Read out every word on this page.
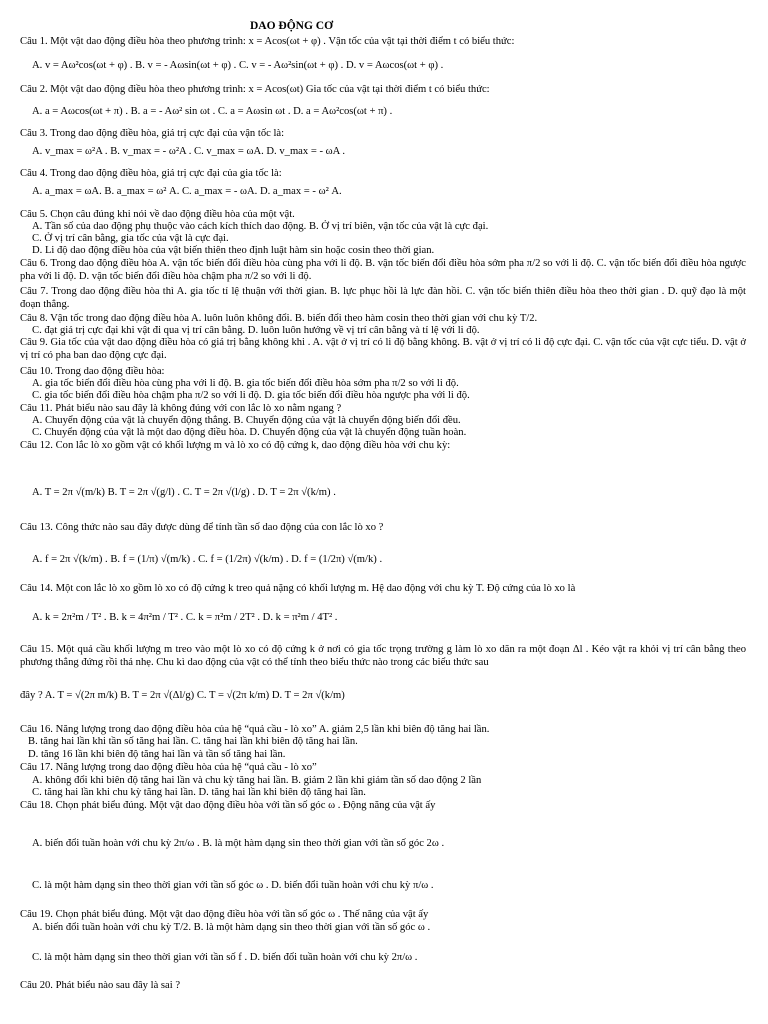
DAO ĐỘNG CƠ
Câu 1. Một vật dao động điều hòa theo phương trình: x = Acos(ωt + φ) . Vận tốc của vật tại thời điểm t có biểu thức:
A. v = Aω²cos(ωt + φ) . B. v = - Aωsin(ωt + φ) . C. v = - Aω²sin(ωt + φ) . D. v = Aωcos(ωt + φ) .
Câu 2. Một vật dao động điều hòa theo phương trình: x = Acos(ωt) Gia tốc của vật tại thời điểm t có biểu thức:
A. a = Aωcos(ωt + π) . B. a = - Aω² sin ωt . C. a = Aωsin ωt . D. a = Aω²cos(ωt + π) .
Câu 3. Trong dao động điều hòa, giá trị cực đại của vận tốc là:
A. v_max = ω²A . B. v_max = - ω²A . C. v_max = ωA. D. v_max = - ωA .
Câu 4. Trong dao động điều hòa, giá trị cực đại của gia tốc là:
A. a_max = ωA. B. a_max = ω² A. C. a_max = - ωA. D. a_max = - ω² A.
Câu 5. Chọn câu đúng khi nói về dao động điều hòa của một vật.
A. Tần số của dao động phụ thuộc vào cách kích thích dao động. B. Ở vị trí biên, vận tốc của vật là cực đại.
C. Ở vị trí cân bằng, gia tốc của vật là cực đại.
D. Li độ dao động điều hòa của vật biến thiên theo định luật hàm sin hoặc cosin theo thời gian.
Câu 6. Trong dao động điều hòa A. vận tốc biến đổi điều hòa cùng pha với li độ. B. vận tốc biến đổi điều hòa sớm pha π/2 so với li độ. C. vận tốc biến đổi điều hòa ngược pha với li độ. D. vận tốc biến đổi điều hòa chậm pha π/2 so với li độ.
Câu 7. Trong dao động điều hòa thì A. gia tốc tỉ lệ thuận với thời gian. B. lực phục hồi là lực đàn hồi. C. vận tốc biến thiên điều hòa theo thời gian . D. quỹ đạo là một đoạn thẳng.
Câu 8. Vận tốc trong dao động điều hòa A. luôn luôn không đổi. B. biến đổi theo hàm cosin theo thời gian với chu kỳ T/2.
C. đạt giá trị cực đại khi vật đi qua vị trí cân bằng. D. luôn luôn hướng về vị trí cân bằng và tỉ lệ với li độ.
Câu 9. Gia tốc của vật dao động điều hòa có giá trị bằng không khi . A. vật ở vị trí có li độ bằng không. B. vật ở vị trí có li độ cực đại. C. vận tốc của vật cực tiểu. D. vật ở vị trí có pha ban dao động cực đại.
Câu 10. Trong dao động điều hòa:
A. gia tốc biến đổi điều hòa cùng pha với li độ. B. gia tốc biến đổi điều hòa sớm pha π/2 so với li độ.
C. gia tốc biến đổi điều hòa chậm pha π/2 so với li độ. D. gia tốc biến đổi điều hòa ngược pha với li độ.
Câu 11. Phát biểu nào sau đây là không đúng với con lắc lò xo nằm ngang ?
A. Chuyển động của vật là chuyển động thẳng. B. Chuyển động của vật là chuyển động biến đổi đều.
C. Chuyển động của vật là một dao động điều hòa. D. Chuyển động của vật là chuyển động tuần hoàn.
Câu 12. Con lắc lò xo gồm vật có khối lượng m và lò xo có độ cứng k, dao động điều hòa với chu kỳ:
A. T = 2π √(m/k) B. T = 2π √(g/l) . C. T = 2π √(l/g) . D. T = 2π √(k/m) .
Câu 13. Công thức nào sau đây được dùng để tính tần số dao động của con lắc lò xo ?
A. f = 2π √(k/m) . B. f = (1/π) √(m/k) . C. f = (1/2π) √(k/m) . D. f = (1/2π) √(m/k) .
Câu 14. Một con lắc lò xo gồm lò xo có độ cứng k treo quả nặng có khối lượng m. Hệ dao động với chu kỳ T. Độ cứng của lò xo là
A. k = 2π²m / T² . B. k = 4π²m / T² . C. k = π²m / 2T² . D. k = π²m / 4T² .
Câu 15. Một quả cầu khối lượng m treo vào một lò xo có độ cứng k ở nơi có gia tốc trọng trường g làm lò xo dãn ra một đoạn Δl . Kéo vật ra khỏi vị trí cân bằng theo phương thẳng đứng rồi thả nhẹ. Chu kì dao động của vật có thể tính theo biểu thức nào trong các biểu thức sau
đây ? A. T = √(2π m/k) B. T = 2π √(Δl/g) C. T = √(2π k/m) D. T = 2π √(k/m)
Câu 16. Năng lượng trong dao động điều hòa của hệ “quả cầu - lò xo” A. giảm 2,5 lần khi biên độ tăng hai lần.
B. tăng hai lần khi tần số tăng hai lần. C. tăng hai lần khi biên độ tăng hai lần.
D. tăng 16 lần khi biên độ tăng hai lần và tần số tăng hai lần.
Câu 17. Năng lượng trong dao động điều hòa của hệ “quả cầu - lò xo”
A. không đổi khi biên độ tăng hai lần và chu kỳ tăng hai lần. B. giảm 2 lần khi giảm tần số dao động 2 lần
C. tăng hai lần khi chu kỳ tăng hai lần. D. tăng hai lần khi biên độ tăng hai lần.
Câu 18. Chọn phát biểu đúng. Một vật dao động điều hòa với tần số góc ω . Động năng của vật ấy
A. biến đổi tuần hoàn với chu kỳ 2π/ω . B. là một hàm dạng sin theo thời gian với tần số góc 2ω .
C. là một hàm dạng sin theo thời gian với tần số góc ω . D. biến đổi tuần hoàn với chu kỳ π/ω .
Câu 19. Chọn phát biểu đúng. Một vật dao động điều hòa với tần số góc ω . Thế năng của vật ấy
A. biến đổi tuần hoàn với chu kỳ T/2. B. là một hàm dạng sin theo thời gian với tần số góc ω .
C. là một hàm dạng sin theo thời gian với tần số f . D. biến đổi tuần hoàn với chu kỳ 2π/ω .
Câu 20. Phát biểu nào sau đây là sai ?
